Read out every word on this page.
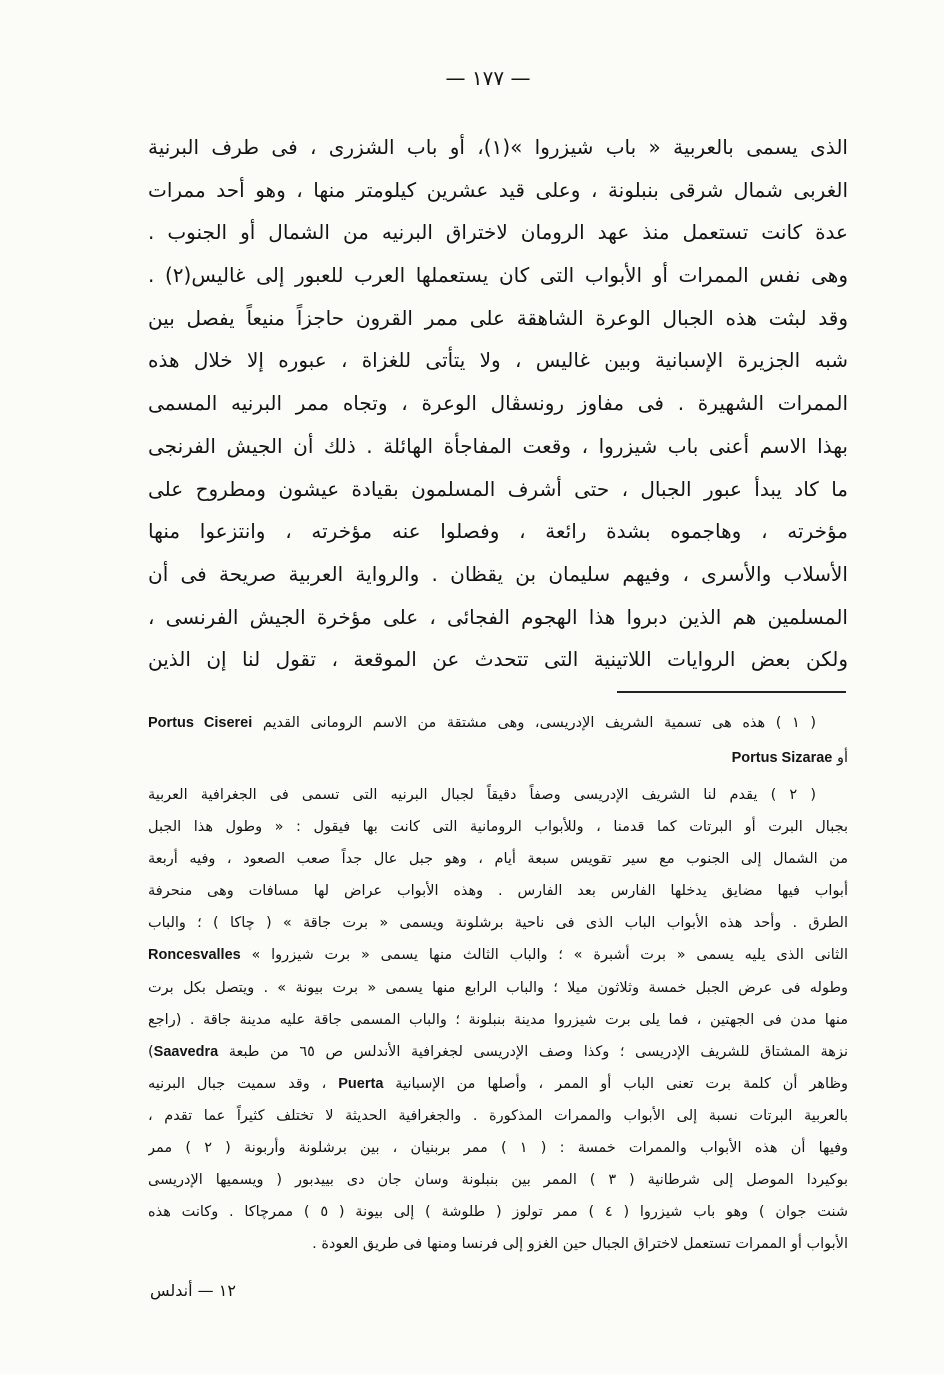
— ١٧٧ —
الذى يسمى بالعربية « باب شيزروا »(١)، أو باب الشزرى ، فى طرف البرنية
الغربى شمال شرقى بنبلونة ، وعلى قيد عشرين كيلومتر منها ، وهو أحد ممرات
عدة كانت تستعمل منذ عهد الرومان لاختراق البرنيه من الشمال أو الجنوب .
وهى نفس الممرات أو الأبواب التى كان يستعملها العرب للعبور إلى غاليس(٢) .
وقد لبثت هذه الجبال الوعرة الشاهقة على ممر القرون حاجزاً منيعاً يفصل بين
شبه الجزيرة الإسبانية وبين غاليس ، ولا يتأتى للغزاة ، عبوره إلا خلال هذه
الممرات الشهيرة . فى مفاوز رونسڤال الوعرة ، وتجاه ممر البرنيه المسمى
بهذا الاسم أعنى باب شيزروا ، وقعت المفاجأة الهائلة . ذلك أن الجيش الفرنجى
ما كاد يبدأ عبور الجبال ، حتى أشرف المسلمون بقيادة عيشون ومطروح على
مؤخرته ، وهاجموه بشدة رائعة ، وفصلوا عنه مؤخرته ، وانتزعوا منها
الأسلاب والأسرى ، وفيهم سليمان بن يقظان . والرواية العربية صريحة فى أن
المسلمين هم الذين دبروا هذا الهجوم الفجائى ، على مؤخرة الجيش الفرنسى ،
ولكن بعض الروايات اللاتينية التى تتحدث عن الموقعة ، تقول لنا إن الذين
( ١ ) هذه هى تسمية الشريف الإدريسى، وهى مشتقة من الاسم الرومانى القديم Portus Ciserei
أو Portus Sizarae
( ٢ ) يقدم لنا الشريف الإدريسى وصفاً دقيقاً لجبال البرنيه التى تسمى فى الجغرافية العربية
بجبال البرت أو البرتات كما قدمنا ، وللأبواب الرومانية التى كانت بها فيقول : « وطول هذا الجبل
من الشمال إلى الجنوب مع سير تقويس سبعة أيام ، وهو جبل عال جداً صعب الصعود ، وفيه أربعة
أبواب فيها مضايق يدخلها الفارس بعد الفارس . وهذه الأبواب عراض لها مسافات وهى منحرفة
الطرق . وأحد هذه الأبواب الباب الذى فى ناحية برشلونة ويسمى « برت جاقة » ( چاكا ) ؛ والباب
الثانى الذى يليه يسمى « برت أشبرة » ؛ والباب الثالث منها يسمى « برت شيزروا » Roncesvalles
وطوله فى عرض الجبل خمسة وثلاثون ميلا ؛ والباب الرابع منها يسمى « برت بيونة » . ويتصل بكل برت
منها مدن فى الجهتين ، فما يلى برت شيزروا مدينة بنبلونة ؛ والباب المسمى جاقة عليه مدينة جاقة . (راجع
نزهة المشتاق للشريف الإدريسى ؛ وكذا وصف الإدريسى لجغرافية الأندلس ص ٦٥ من طبعة Saavedra)
وظاهر أن كلمة برت تعنى الباب أو الممر ، وأصلها من الإسبانية Puerta ، وقد سميت جبال البرنيه
بالعربية البرتات نسبة إلى الأبواب والممرات المذكورة . والجغرافية الحديثة لا تختلف كثيراً عما تقدم ،
وفيها أن هذه الأبواب والممرات خمسة : ( ١ ) ممر بربنيان ، بين برشلونة وأربونة ( ٢ ) ممر
بوكيردا الموصل إلى شرطانية ( ٣ ) الممر بين بنبلونة وسان جان دى بييدبور ( ويسميها الإدريسى
شنت جوان ) وهو باب شيزروا ( ٤ ) ممر تولوز ( طلوشة ) إلى بيونة ( ٥ ) ممرچاكا . وكانت هذه
الأبواب أو الممرات تستعمل لاختراق الجبال حين الغزو إلى فرنسا ومنها فى طريق العودة .
١٢ — أندلس
